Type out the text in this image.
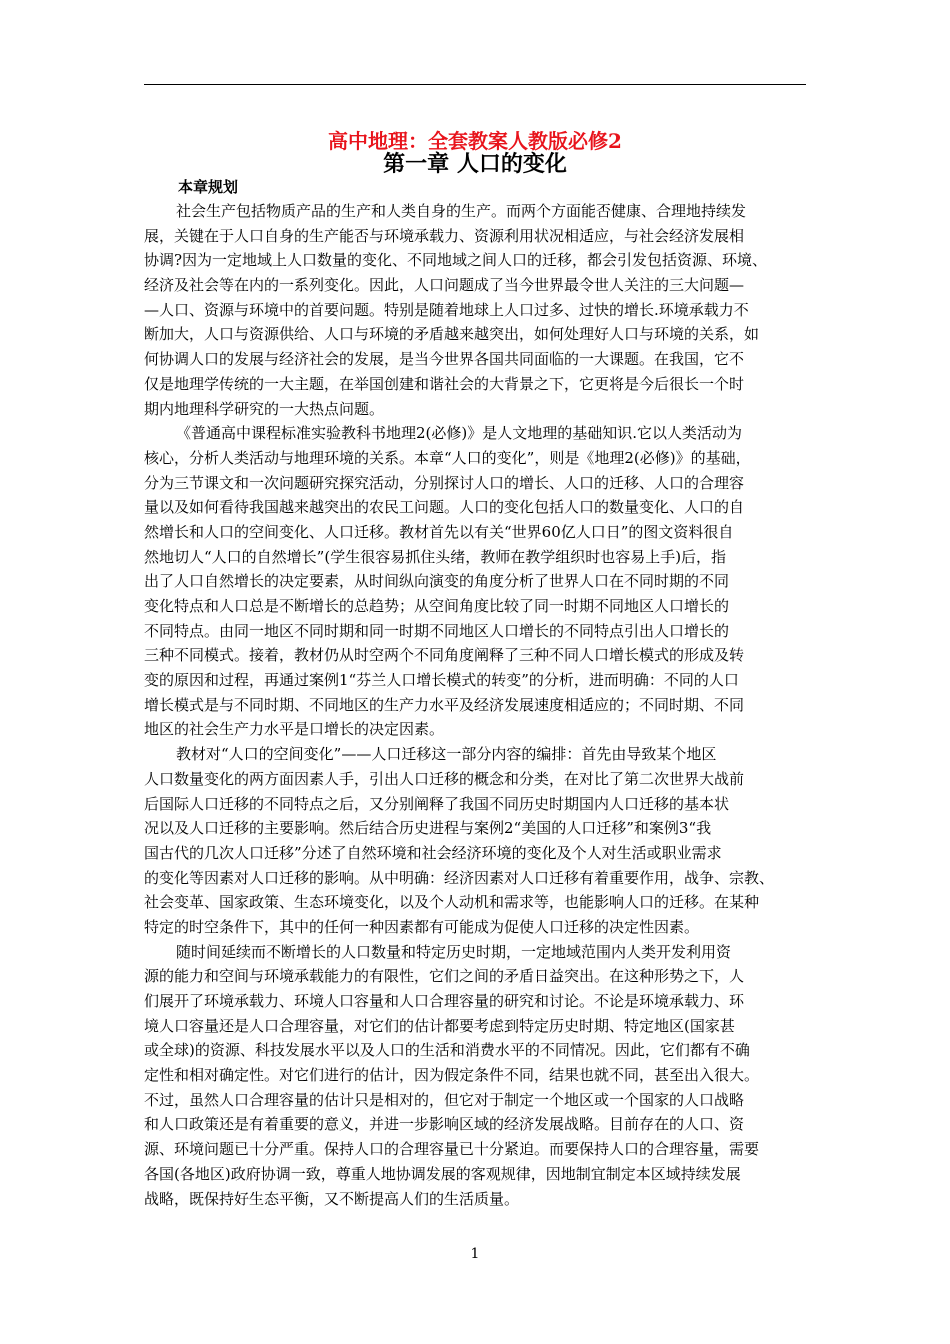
高中地理：全套教案人教版必修2
第一章 人口的变化
本章规划
社会生产包括物质产品的生产和人类自身的生产。而两个方面能否健康、合理地持续发
展，关键在于人口自身的生产能否与环境承载力、资源利用状况相适应，与社会经济发展相
协调?因为一定地域上人口数量的变化、不同地域之间人口的迁移，都会引发包括资源、环境、
经济及社会等在内的一系列变化。因此，人口问题成了当今世界最令世人关注的三大问题—
—人口、资源与环境中的首要问题。特别是随着地球上人口过多、过快的增长.环境承载力不
断加大，人口与资源供给、人口与环境的矛盾越来越突出，如何处理好人口与环境的关系，如
何协调人口的发展与经济社会的发展，是当今世界各国共同面临的一大课题。在我国，它不
仅是地理学传统的一大主题，在举国创建和谐社会的大背景之下，它更将是今后很长一个时
期内地理科学研究的一大热点问题。
《普通高中课程标准实验教科书地理2(必修)》是人文地理的基础知识.它以人类活动为
核心，分析人类活动与地理环境的关系。本章“人口的变化”，则是《地理2(必修)》的基础，
分为三节课文和一次问题研究探究活动，分别探讨人口的增长、人口的迁移、人口的合理容
量以及如何看待我国越来越突出的农民工问题。人口的变化包括人口的数量变化、人口的自
然增长和人口的空间变化、人口迁移。教材首先以有关“世界60亿人口日”的图文资料很自
然地切人“人口的自然增长”(学生很容易抓住头绪，教师在教学组织时也容易上手)后，指
出了人口自然增长的决定要素，从时间纵向演变的角度分析了世界人口在不同时期的不同
变化特点和人口总是不断增长的总趋势；从空间角度比较了同一时期不同地区人口增长的
不同特点。由同一地区不同时期和同一时期不同地区人口增长的不同特点引出人口增长的
三种不同模式。接着，教材仍从时空两个不同角度阐释了三种不同人口增长模式的形成及转
变的原因和过程，再通过案例1“芬兰人口增长模式的转变”的分析，进而明确：不同的人口
增长模式是与不同时期、不同地区的生产力水平及经济发展速度相适应的；不同时期、不同
地区的社会生产力水平是口增长的决定因素。
教材对“人口的空间变化”——人口迁移这一部分内容的编排：首先由导致某个地区
人口数量变化的两方面因素人手，引出人口迁移的概念和分类，在对比了第二次世界大战前
后国际人口迁移的不同特点之后，又分别阐释了我国不同历史时期国内人口迁移的基本状
况以及人口迁移的主要影响。然后结合历史进程与案例2“美国的人口迁移”和案例3“我
国古代的几次人口迁移”分述了自然环境和社会经济环境的变化及个人对生活或职业需求
的变化等因素对人口迁移的影响。从中明确：经济因素对人口迁移有着重要作用，战争、宗教、
社会变革、国家政策、生态环境变化，以及个人动机和需求等，也能影响人口的迁移。在某种
特定的时空条件下，其中的任何一种因素都有可能成为促使人口迁移的决定性因素。
随时间延续而不断增长的人口数量和特定历史时期，一定地域范围内人类开发利用资
源的能力和空间与环境承载能力的有限性，它们之间的矛盾日益突出。在这种形势之下，人
们展开了环境承载力、环境人口容量和人口合理容量的研究和讨论。不论是环境承载力、环
境人口容量还是人口合理容量，对它们的估计都要考虑到特定历史时期、特定地区(国家甚
或全球)的资源、科技发展水平以及人口的生活和消费水平的不同情况。因此，它们都有不确
定性和相对确定性。对它们进行的估计，因为假定条件不同，结果也就不同，甚至出入很大。
不过，虽然人口合理容量的估计只是相对的，但它对于制定一个地区或一个国家的人口战略
和人口政策还是有着重要的意义，并进一步影响区域的经济发展战略。目前存在的人口、资
源、环境问题已十分严重。保持人口的合理容量已十分紧迫。而要保持人口的合理容量，需要
各国(各地区)政府协调一致，尊重人地协调发展的客观规律，因地制宜制定本区域持续发展
战略，既保持好生态平衡，又不断提高人们的生活质量。
1
